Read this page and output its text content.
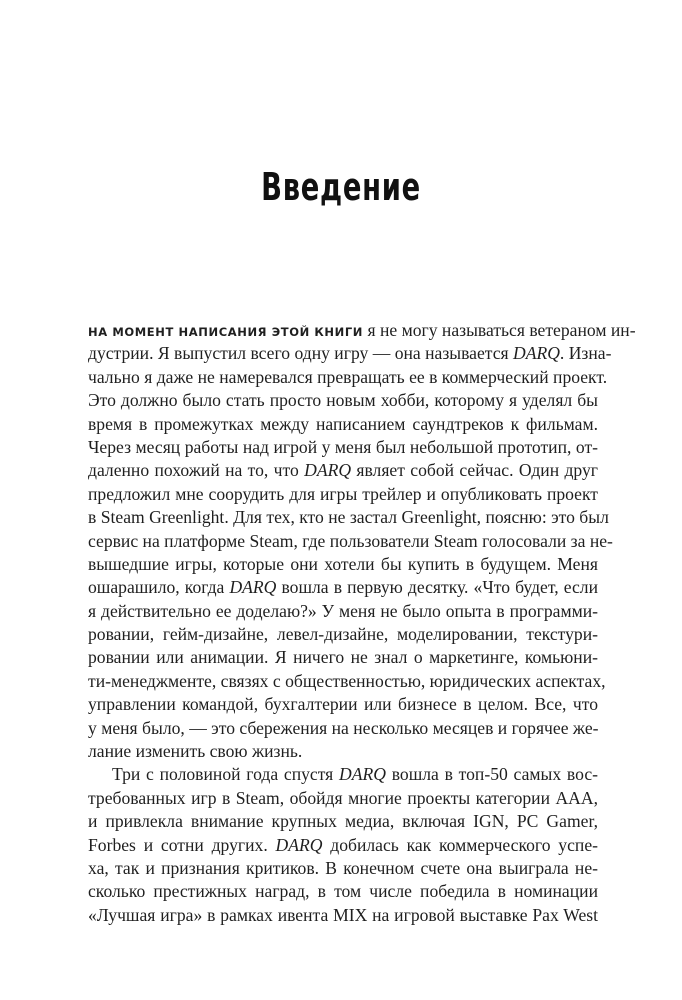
Введение
НА МОМЕНТ НАПИСАНИЯ ЭТОЙ КНИГИ я не могу называться ветераном ин-
дустрии. Я выпустил всего одну игру — она называется DARQ. Изна-
чально я даже не намеревался превращать ее в коммерческий проект.
Это должно было стать просто новым хобби, которому я уделял бы
время в промежутках между написанием саундтреков к фильмам.
Через месяц работы над игрой у меня был небольшой прототип, от-
даленно похожий на то, что DARQ являет собой сейчас. Один друг
предложил мне соорудить для игры трейлер и опубликовать проект
в Steam Greenlight. Для тех, кто не застал Greenlight, поясню: это был
сервис на платформе Steam, где пользователи Steam голосовали за не-
вышедшие игры, которые они хотели бы купить в будущем. Меня
ошарашило, когда DARQ вошла в первую десятку. «Что будет, если
я действительно ее доделаю?» У меня не было опыта в программи-
ровании, гейм-дизайне, левел-дизайне, моделировании, текстури-
ровании или анимации. Я ничего не знал о маркетинге, комьюни-
ти-менеджменте, связях с общественностью, юридических аспектах,
управлении командой, бухгалтерии или бизнесе в целом. Все, что
у меня было, — это сбережения на несколько месяцев и горячее же-
лание изменить свою жизнь.
Три с половиной года спустя DARQ вошла в топ-50 самых вос-
требованных игр в Steam, обойдя многие проекты категории AAA,
и привлекла внимание крупных медиа, включая IGN, PC Gamer,
Forbes и сотни других. DARQ добилась как коммерческого успе-
ха, так и признания критиков. В конечном счете она выиграла не-
сколько престижных наград, в том числе победила в номинации
«Лучшая игра» в рамках ивента MIX на игровой выставке Pax West
